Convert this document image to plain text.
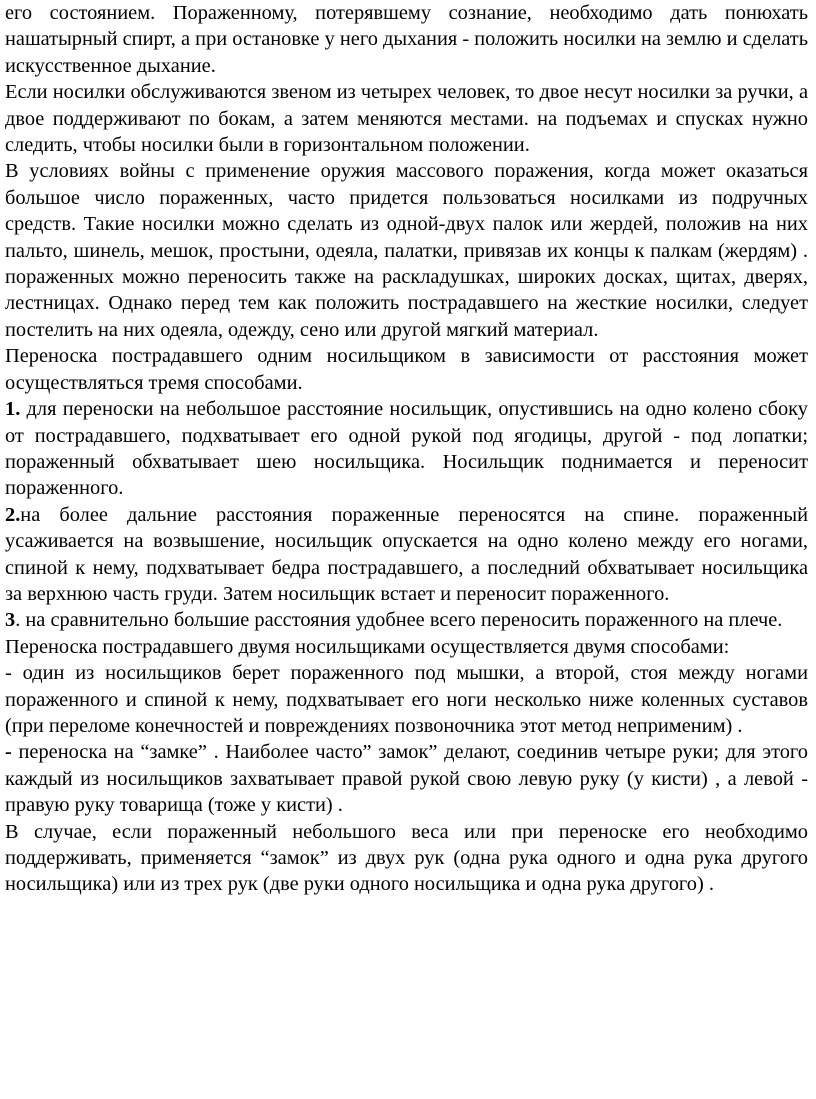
его состоянием. Пораженному, потерявшему сознание, необходимо дать понюхать нашатырный спирт, а при остановке у него дыхания - положить носилки на землю и сделать искусственное дыхание.

Если носилки обслуживаются звеном из четырех человек, то двое несут носилки за ручки, а двое поддерживают по бокам, а затем меняются местами. на подъемах и спусках нужно следить, чтобы носилки были в горизонтальном положении.

В условиях войны с применение оружия массового поражения, когда может оказаться большое число пораженных, часто придется пользоваться носилками из подручных средств. Такие носилки можно сделать из одной-двух палок или жердей, положив на них пальто, шинель, мешок, простыни, одеяла, палатки, привязав их концы к палкам (жердям) . пораженных можно переносить также на раскладушках, широких досках, щитах, дверях, лестницах. Однако перед тем как положить пострадавшего на жесткие носилки, следует постелить на них одеяла, одежду, сено или другой мягкий материал.

Переноска пострадавшего одним носильщиком в зависимости от расстояния может осуществляться тремя способами.

1. для переноски на небольшое расстояние носильщик, опустившись на одно колено сбоку от пострадавшего, подхватывает его одной рукой под ягодицы, другой - под лопатки; пораженный обхватывает шею носильщика. Носильщик поднимается и переносит пораженного.

2.на более дальние расстояния пораженные переносятся на спине. пораженный усаживается на возвышение, носильщик опускается на одно колено между его ногами, спиной к нему, подхватывает бедра пострадавшего, а последний обхватывает носильщика за верхнюю часть груди. Затем носильщик встает и переносит пораженного.

3. на сравнительно большие расстояния удобнее всего переносить пораженного на плече.

Переноска пострадавшего двумя носильщиками осуществляется двумя способами:

- один из носильщиков берет пораженного под мышки, а второй, стоя между ногами пораженного и спиной к нему, подхватывает его ноги несколько ниже коленных суставов (при переломе конечностей и повреждениях позвоночника этот метод неприменим) .

- переноска на “замке” . Наиболее часто” замок” делают, соединив четыре руки; для этого каждый из носильщиков захватывает правой рукой свою левую руку (у кисти) , а левой - правую руку товарища (тоже у кисти) .

В случае, если пораженный небольшого веса или при переноске его необходимо поддерживать, применяется “замок” из двух рук (одна рука одного и одна рука другого носильщика) или из трех рук (две руки одного носильщика и одна рука другого) .
